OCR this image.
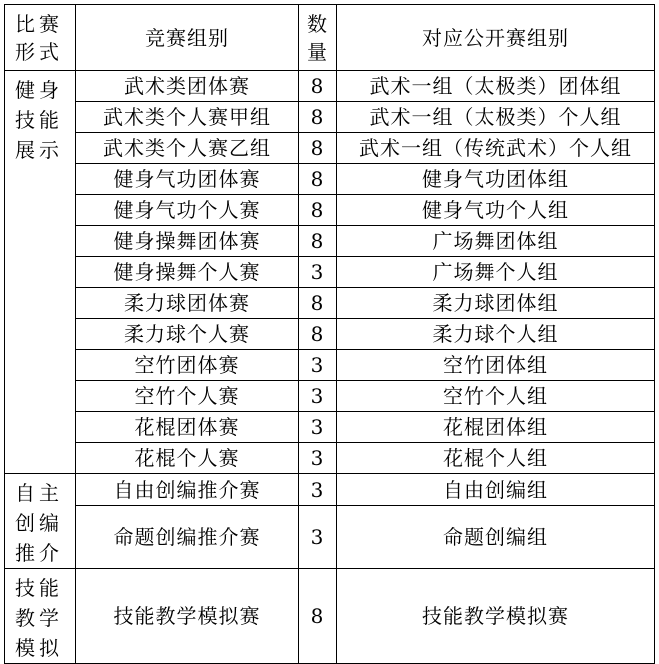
比赛形式	竞赛组别	数量	对应公开赛组别

健身技能展示	武术类团体赛	8	武术一组（太极类）团体组
	武术类个人赛甲组	8	武术一组（太极类）个人组
	武术类个人赛乙组	8	武术一组（传统武术）个人组
	健身气功团体赛	8	健身气功团体组
	健身气功个人赛	8	健身气功个人组
	健身操舞团体赛	8	广场舞团体组
	健身操舞个人赛	3	广场舞个人组
	柔力球团体赛	8	柔力球团体组
	柔力球个人赛	8	柔力球个人组
	空竹团体赛	3	空竹团体组
	空竹个人赛	3	空竹个人组
	花棍团体赛	3	花棍团体组
	花棍个人赛	3	花棍个人组

自主创编推介	自由创编推介赛	3	自由创编组
	命题创编推介赛	3	命题创编组

技能教学模拟	技能教学模拟赛	8	技能教学模拟赛
